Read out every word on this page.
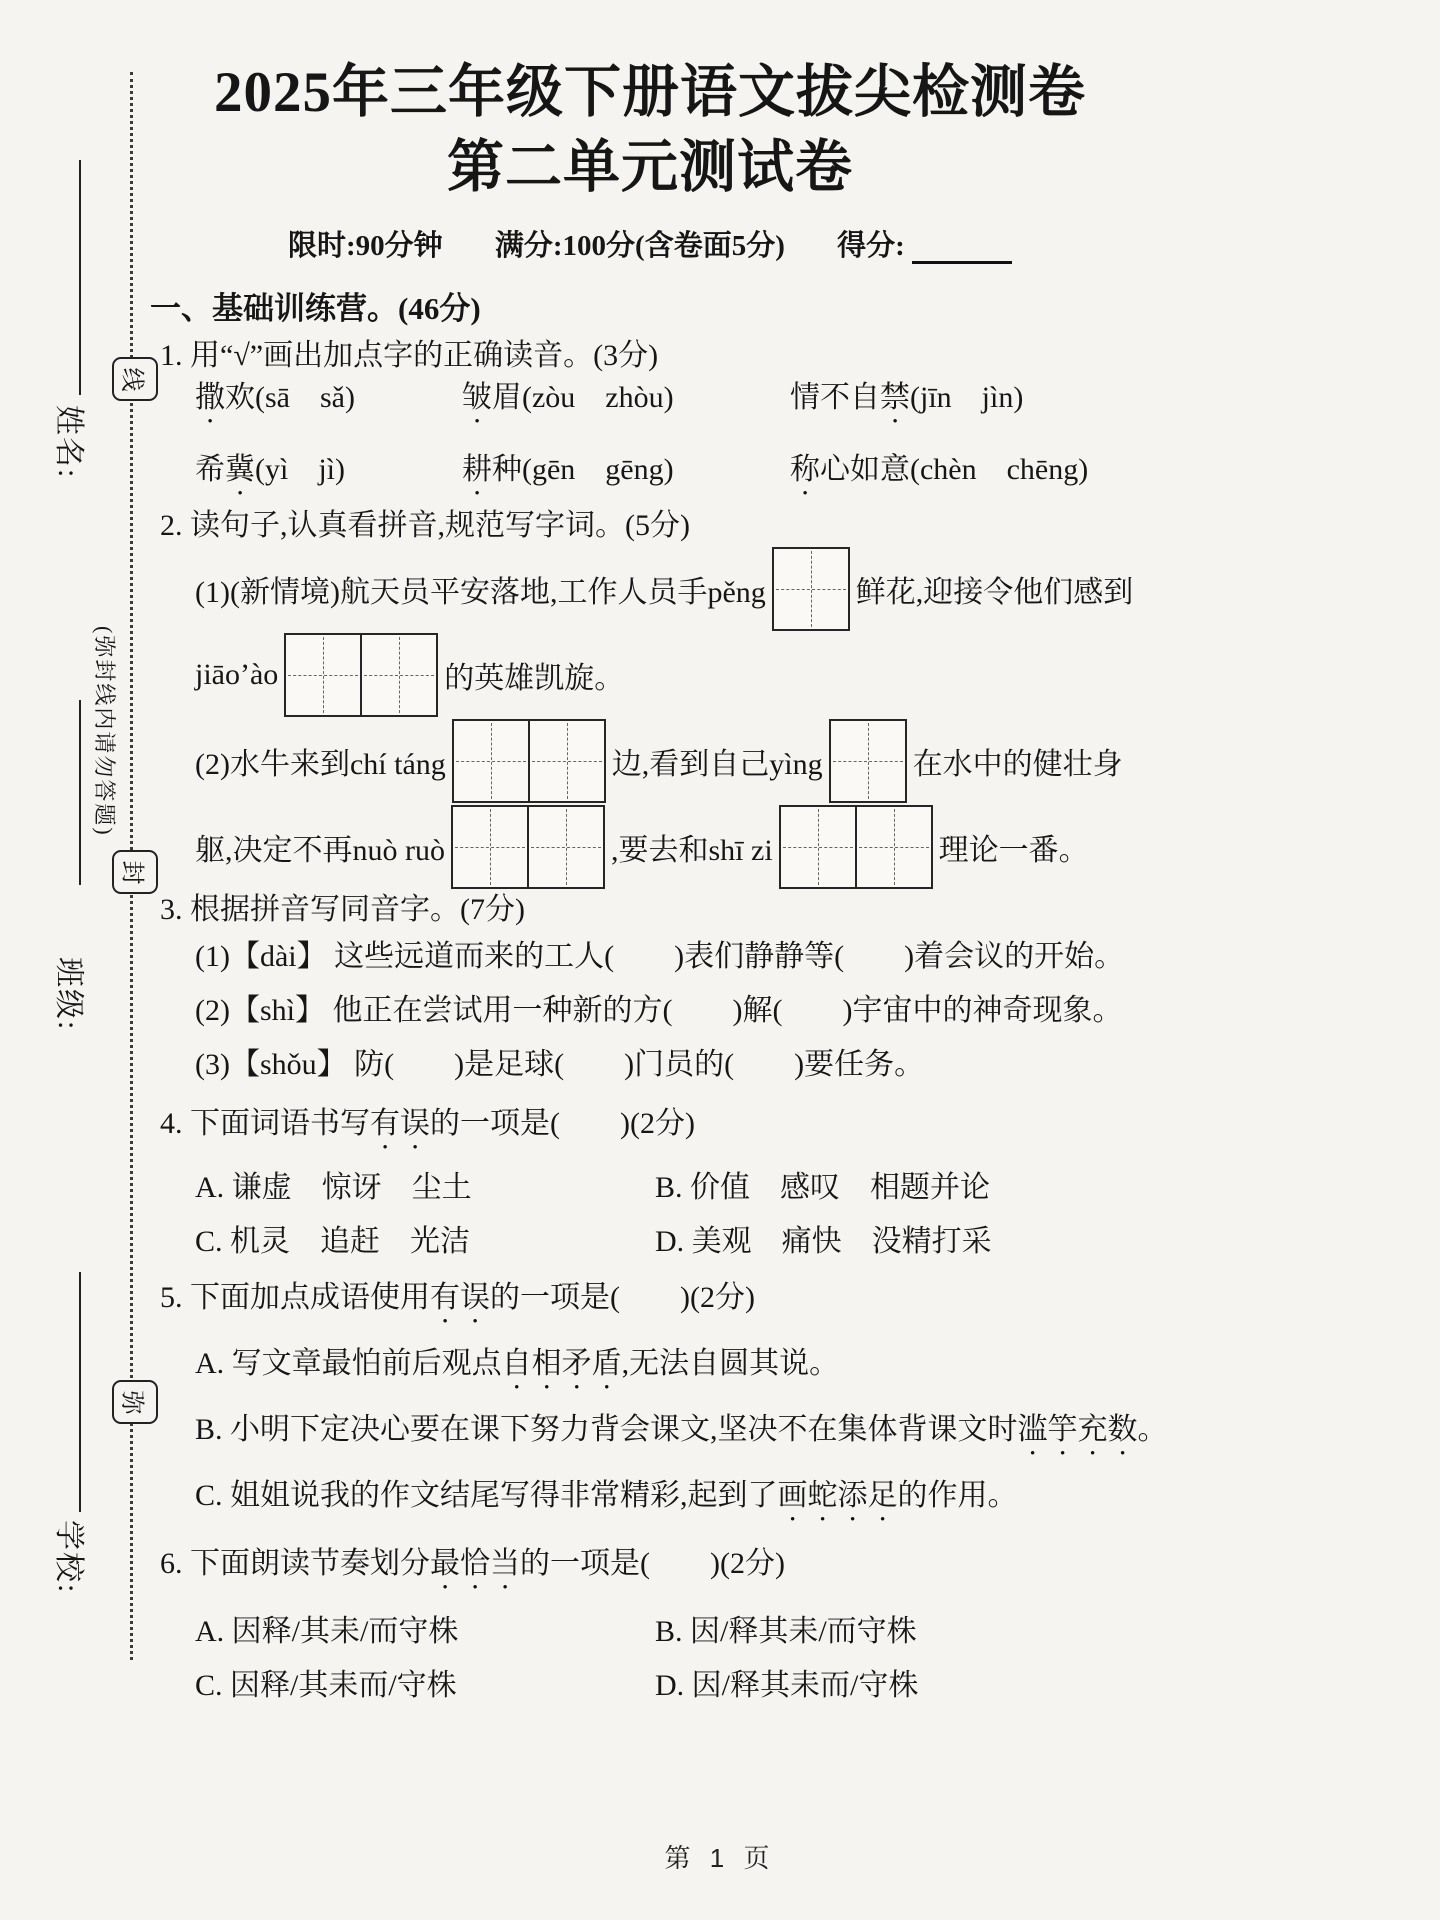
姓名:
班级:
学校:
(弥封线内请勿答题)
线
封
弥
2025年三年级下册语文拔尖检测卷
第二单元测试卷
限时:90分钟 满分:100分(含卷面5分) 得分:
一、基础训练营。(46分)
1. 用“√”画出加点字的正确读音。(3分)
撒欢(sā　sǎ)	皱眉(zòu　zhòu)	情不自禁(jīn　jìn)
希冀(yì　jì)	耕种(gēn　gēng)	称心如意(chèn　chēng)
2. 读句子,认真看拼音,规范写字词。(5分)
(1)(新情境)航天员平安落地,工作人员手pěng	鲜花,迎接令他们感到
jiāo’ào	的英雄凯旋。
(2)水牛来到chí táng	边,看到自己yìng	在水中的健壮身
躯,决定不再nuò ruò	,要去和shī zi	理论一番。
3. 根据拼音写同音字。(7分)
(1)【dài】 这些远道而来的工人(　　)表们静静等(　　)着会议的开始。
(2)【shì】 他正在尝试用一种新的方(　　)解(　　)宇宙中的神奇现象。
(3)【shǒu】 防(　　)是足球(　　)门员的(　　)要任务。
4. 下面词语书写有误的一项是(　　)(2分)
A. 谦虚　惊讶　尘土	B. 价值　感叹　相题并论
C. 机灵　追赶　光洁	D. 美观　痛快　没精打采
5. 下面加点成语使用有误的一项是(　　)(2分)
A. 写文章最怕前后观点自相矛盾,无法自圆其说。
B. 小明下定决心要在课下努力背会课文,坚决不在集体背课文时滥竽充数。
C. 姐姐说我的作文结尾写得非常精彩,起到了画蛇添足的作用。
6. 下面朗读节奏划分最恰当的一项是(　　)(2分)
A. 因释/其耒/而守株	B. 因/释其耒/而守株
C. 因释/其耒而/守株	D. 因/释其耒而/守株
第 1 页
